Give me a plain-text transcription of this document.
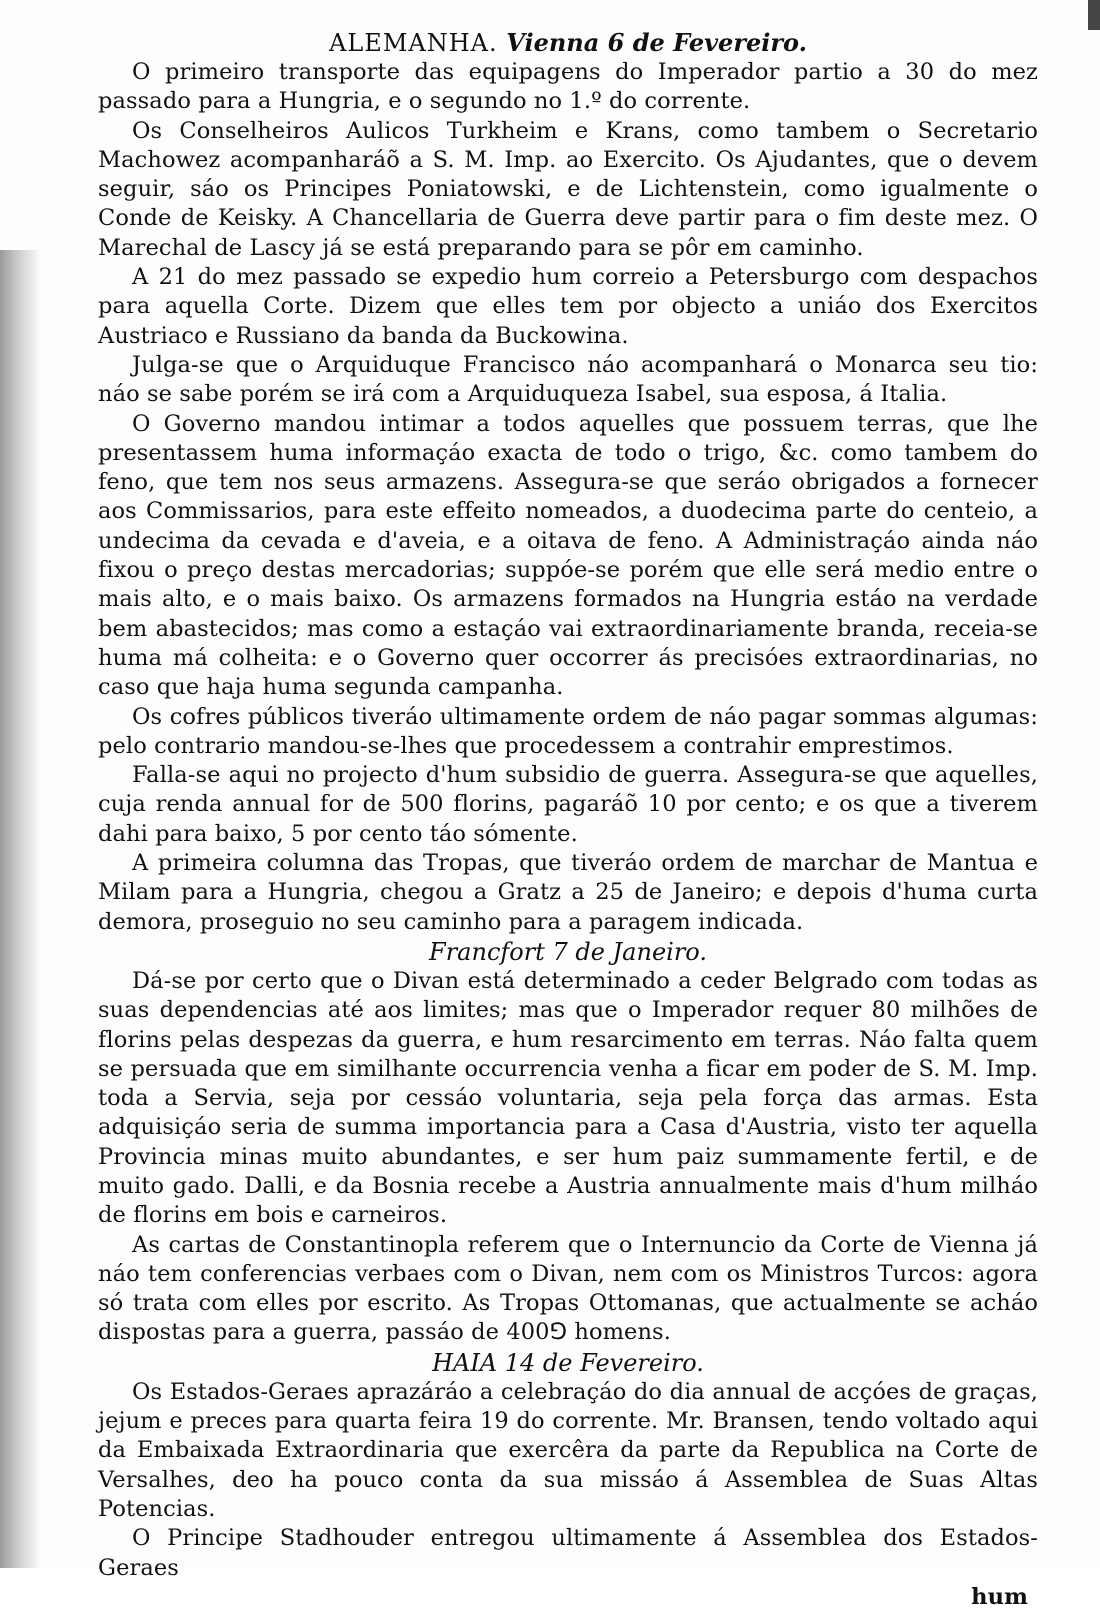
ALEMANHA. Vienna 6 de Fevereiro.

O primeiro transporte das equipagens do Imperador partio a 30 do mez passado para a Hungria, e o segundo no 1.º do corrente.

Os Conselheiros Aulicos Turkheim e Krans, como tambem o Secretario Machowez acompanharáõ a S. M. Imp. ao Exercito. Os Ajudantes, que o devem seguir, sáo os Principes Poniatowski, e de Lichtenstein, como igualmente o Conde de Keisky. A Chancellaria de Guerra deve partir para o fim deste mez. O Marechal de Lascy já se está preparando para se pôr em caminho.

A 21 do mez passado se expedio hum correio a Petersburgo com despachos para aquella Corte. Dizem que elles tem por objecto a uniáo dos Exercitos Austriaco e Russiano da banda da Buckowina.

Julga-se que o Arquiduque Francisco náo acompanhará o Monarca seu tio: náo se sabe porém se irá com a Arquiduqueza Isabel, sua esposa, á Italia.

O Governo mandou intimar a todos aquelles que possuem terras, que lhe presentassem huma informaçáo exacta de todo o trigo, &c. como tambem do feno, que tem nos seus armazens. Assegura-se que seráo obrigados a fornecer aos Commissarios, para este effeito nomeados, a duodecima parte do centeio, a undecima da cevada e d'aveia, e a oitava de feno. A Administraçáo ainda náo fixou o preço destas mercadorias; suppóe-se porém que elle será medio entre o mais alto, e o mais baixo. Os armazens formados na Hungria estáo na verdade bem abastecidos; mas como a estaçáo vai extraordinariamente branda, receia-se huma má colheita: e o Governo quer occorrer ás precisóes extraordinarias, no caso que haja huma segunda campanha.

Os cofres públicos tiveráo ultimamente ordem de náo pagar sommas algumas: pelo contrario mandou-se-lhes que procedessem a contrahir emprestimos.

Falla-se aqui no projecto d'hum subsidio de guerra. Assegura-se que aquelles, cuja renda annual for de 500 florins, pagaráõ 10 por cento; e os que a tiverem dahi para baixo, 5 por cento táo sómente.

A primeira columna das Tropas, que tiveráo ordem de marchar de Mantua e Milam para a Hungria, chegou a Gratz a 25 de Janeiro; e depois d'huma curta demora, proseguio no seu caminho para a paragem indicada.

Francfort 7 de Janeiro.

Dá-se por certo que o Divan está determinado a ceder Belgrado com todas as suas dependencias até aos limites; mas que o Imperador requer 80 milhões de florins pelas despezas da guerra, e hum resarcimento em terras. Náo falta quem se persuada que em similhante occurrencia venha a ficar em poder de S. M. Imp. toda a Servia, seja por cessáo voluntaria, seja pela força das armas. Esta adquisiçáo seria de summa importancia para a Casa d'Austria, visto ter aquella Provincia minas muito abundantes, e ser hum paiz summamente fertil, e de muito gado. Dalli, e da Bosnia recebe a Austria annualmente mais d'hum milháo de florins em bois e carneiros.

As cartas de Constantinopla referem que o Internuncio da Corte de Vienna já náo tem conferencias verbaes com o Divan, nem com os Ministros Turcos: agora só trata com elles por escrito. As Tropas Ottomanas, que actualmente se acháo dispostas para a guerra, passáo de 400⅁ homens.

HAIA 14 de Fevereiro.

Os Estados-Geraes aprazáráo a celebraçáo do dia annual de acçóes de graças, jejum e preces para quarta feira 19 do corrente. Mr. Bransen, tendo voltado aqui da Embaixada Extraordinaria que exercêra da parte da Republica na Corte de Versalhes, deo ha pouco conta da sua missáo á Assemblea de Suas Altas Potencias.

O Principe Stadhouder entregou ultimamente á Assemblea dos Estados-Geraes

hum
